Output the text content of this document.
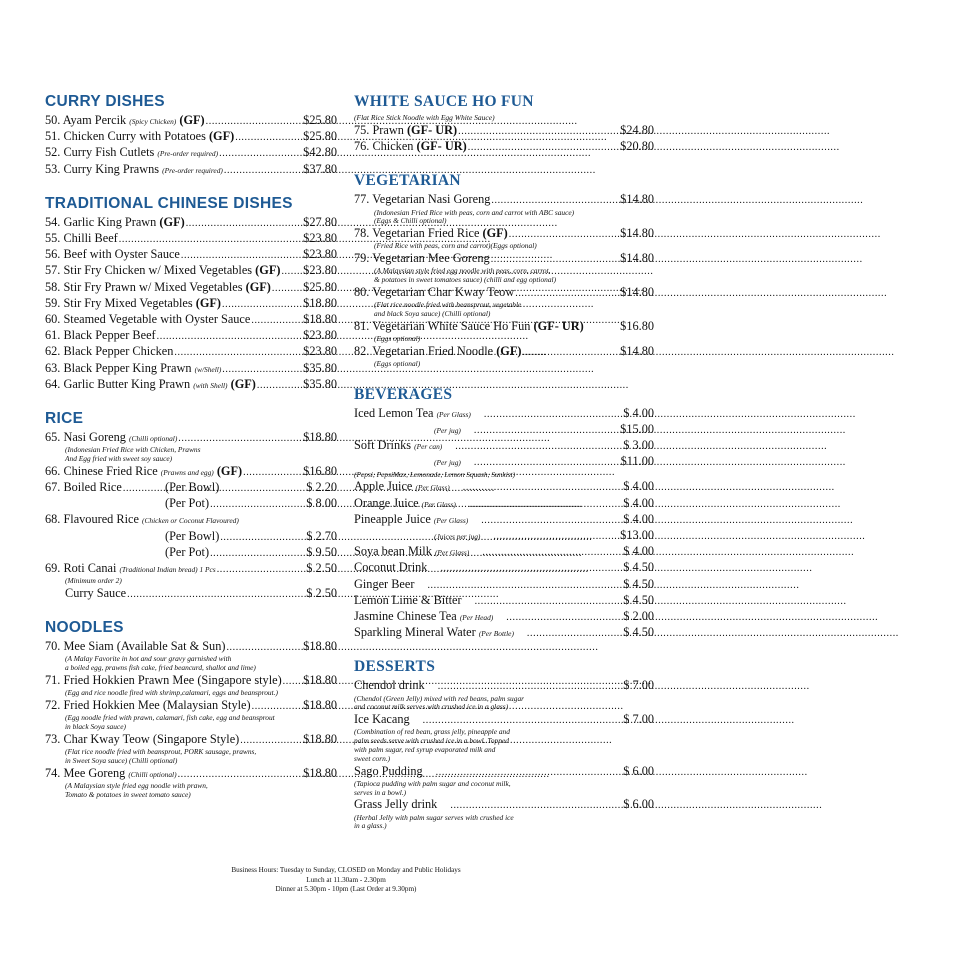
CURRY DISHES
50. Ayam Percik (Spicy Chicken) (GF) .....	$25.80
51. Chicken Curry with Potatoes (GF) .....	$25.80
52. Curry Fish Cutlets (Pre-order required) .....	$42.80
53. Curry King Prawns (Pre-order required) .....	$37.80
TRADITIONAL CHINESE DISHES
54. Garlic King Prawn (GF) .....	$27.80
55. Chilli Beef .....	$23.80
56. Beef with Oyster Sauce .....	$23.80
57. Stir Fry Chicken w/ Mixed Vegetables (GF) ..... $23.80
58. Stir Fry Prawn w/ Mixed Vegetables (GF) .....	$25.80
59. Stir Fry Mixed Vegetables (GF) .....	$18.80
60. Steamed Vegetable with Oyster Sauce .....	$18.80
61. Black Pepper Beef .....	$23.80
62. Black Pepper Chicken .....	$23.80
63. Black Pepper King Prawn (w/Shell) .....	$35.80
64. Garlic Butter King Prawn (with Shell) (GF) .....	$35.80
RICE
65. Nasi Goreng (Chilli optional) .....	$18.80
(Indonesian Fried Rice with Chicken, Prawns
And Egg fried with sweet soy sauce)
66. Chinese Fried Rice (Prawns and egg) (GF) .....	$16.80
67. Boiled Rice	(Per Bowl) .....	$ 2.20
(Per Pot) .....	$ 8.00
68. Flavoured Rice (Chicken or Coconut Flavoured)
(Per Bowl) .....	$ 2.70
(Per Pot) .....	$ 9.50
69. Roti Canai (Traditional Indian bread) 1 Pcs .....	$ 2.50
(Minimum order 2)
Curry Sauce .....	$ 2.50
NOODLES
70. Mee Siam (Available Sat & Sun) .....	$18.80
(A Malay Favorite in hot and sour gravy garnished with
a boiled egg, prawns fish cake, fried beancurd, shallot and lime)
71. Fried Hokkien Prawn Mee (Singapore style) ..... $18.80
(Egg and rice noodle fired with shrimp,calamari, eggs and beansprout.)
72. Fried Hokkien Mee (Malaysian Style) .....	$18.80
(Egg noodle fried with prawn, calamari, fish cake, egg and beansprout
in black Soya sauce)
73. Char Kway Teow (Singapore Style) .....	$18.80
(Flat rice noodle fried with beansprout, PORK sausage, prawns,
in Sweet Soya sauce) (Chilli optional)
74. Mee Goreng (Chilli optional) .....	$18.80
(A Malaysian style fried egg noodle with prawn,
Tomato & potatoes in sweet tomato sauce)
WHITE SAUCE HO FUN
(Flat Rice Stick Noodle with Egg White Sauce)
75. Prawn (GF- UR) .....	$24.80
76. Chicken (GF- UR) .....	$20.80
VEGETARIAN
77. Vegetarian Nasi Goreng .....	$14.80
(Indonesian Fried Rice with peas, corn and carrot with ABC sauce)
(Eggs & Chilli optional)
78. Vegetarian Fried Rice (GF) .....	$14.80
(Fried Rice with peas, corn and carrot)(Eggs optional)
79. Vegetarian Mee Goreng .....	$14.80
(A Malaysian style fried egg noodle with peas, corn, carrot,
& potatoes in sweet tomatoes sauce) (chilli and egg optional)
80. Vegetarian Char Kway Teow .....	$14.80
(Flat rice noodle fried with beansprout, vegetable
and black Soya sauce) (Chilli optional)
81. Vegetarian White Sauce Ho Fun (GF- UR)	$16.80
(Eggs optional)
82. Vegetarian Fried Noodle (GF) .....	$14.80
(Eggs optional)
BEVERAGES
Iced Lemon Tea (Per Glass) .....	$ 4.00
(Per jug) .....	$15.00
Soft Drinks (Per can) .....	$ 3.00
(Per jug) .....	$11.00
(Pepsi, PepsiMax, Lemonade, Lemon Squash, Sunkist)
Apple Juice (Per Glass) .....	$ 4.00
Orange Juice (Per Glass) .....	$ 4.00
Pineapple Juice (Per Glass) .....	$ 4.00
(Juices per jug) .....	$13.00
Soya bean Milk (Per Glass) .....	$ 4.00
Coconut Drink .....	$ 4.50
Ginger Beer .....	$ 4.50
Lemon Lime & Bitter .....	$ 4.50
Jasmine Chinese Tea (Per Head) .....	$ 2.00
Sparkling Mineral Water (Per Bottle) .....	$ 4.50
DESSERTS
Chendol drink .....	$ 7.00
(Chendol (Green Jelly) mixed with red beans, palm sugar
and coconut milk serves with crushed ice in a glass)
Ice Kacang .....	$ 7.00
(Combination of red bean, grass jelly, pineapple and
palm seeds serve with crushed ice in a bowl. Topped
with palm sugar, red syrup evaporated milk and
sweet corn.)
Sago Pudding .....	$ 6.00
(Tapioca pudding with palm sugar and coconut milk,
serves in a bowl.)
Grass Jelly drink .....	$ 6.00
(Herbal Jelly with palm sugar serves with crushed ice
in a glass.)
Business Hours: Tuesday to Sunday, CLOSED on Monday and Public Holidays
Lunch at 11.30am - 2.30pm
Dinner at 5.30pm - 10pm (Last Order at 9.30pm)
